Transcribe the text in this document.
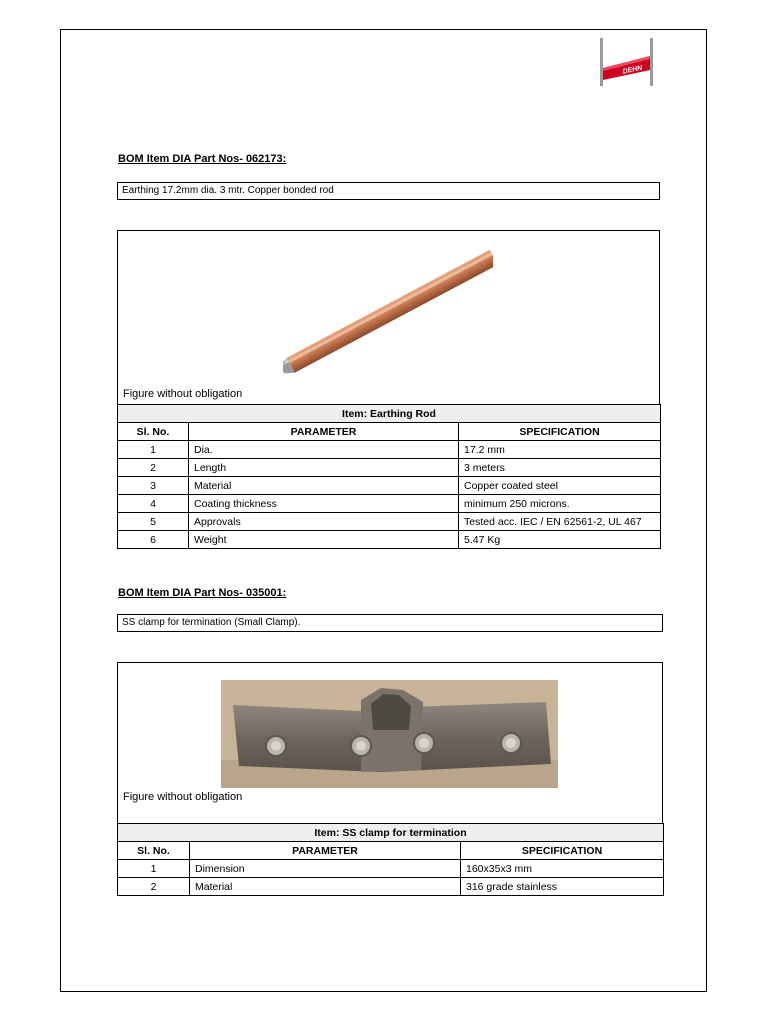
DEHN
BOM Item DIA Part Nos- 062173:
Earthing 17.2mm dia. 3 mtr. Copper bonded rod
Figure without obligation
Item: Earthing Rod		
Sl. No.	PARAMETER	SPECIFICATION
1	Dia.	17.2 mm
2	Length	3 meters
3	Material	Copper coated steel
4	Coating thickness	minimum 250 microns.
5	Approvals	Tested acc. IEC / EN 62561-2, UL 467
6	Weight	5.47 Kg
BOM Item DIA Part Nos- 035001:
SS clamp for termination (Small Clamp).
Figure without obligation
Item: SS clamp for termination		
Sl. No.	PARAMETER	SPECIFICATION
1	Dimension	160x35x3 mm
2	Material	316 grade stainless
